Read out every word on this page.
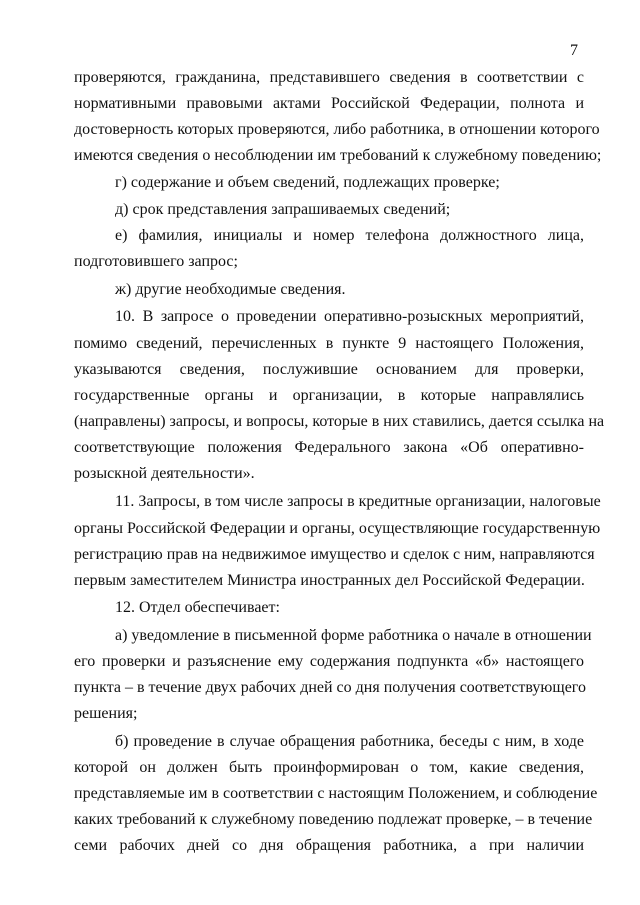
7
проверяются, гражданина, представившего сведения в соответствии с
нормативными правовыми актами Российской Федерации, полнота и
достоверность которых проверяются, либо работника, в отношении которого
имеются сведения о несоблюдении им требований к служебному поведению;
г) содержание и объем сведений, подлежащих проверке;
д) срок представления запрашиваемых сведений;
е) фамилия, инициалы и номер телефона должностного лица,
подготовившего запрос;
ж) другие необходимые сведения.
10. В запросе о проведении оперативно-розыскных мероприятий,
помимо сведений, перечисленных в пункте 9 настоящего Положения,
указываются сведения, послужившие основанием для проверки,
государственные органы и организации, в которые направлялись
(направлены) запросы, и вопросы, которые в них ставились, дается ссылка на
соответствующие положения Федерального закона «Об оперативно-
розыскной деятельности».
11. Запросы, в том числе запросы в кредитные организации, налоговые
органы Российской Федерации и органы, осуществляющие государственную
регистрацию прав на недвижимое имущество и сделок с ним, направляются
первым заместителем Министра иностранных дел Российской Федерации.
12. Отдел обеспечивает:
а) уведомление в письменной форме работника о начале в отношении
его проверки и разъяснение ему содержания подпункта «б» настоящего
пункта – в течение двух рабочих дней со дня получения соответствующего
решения;
б) проведение в случае обращения работника, беседы с ним, в ходе
которой он должен быть проинформирован о том, какие сведения,
представляемые им в соответствии с настоящим Положением, и соблюдение
каких требований к служебному поведению подлежат проверке, – в течение
семи рабочих дней со дня обращения работника, а при наличии
